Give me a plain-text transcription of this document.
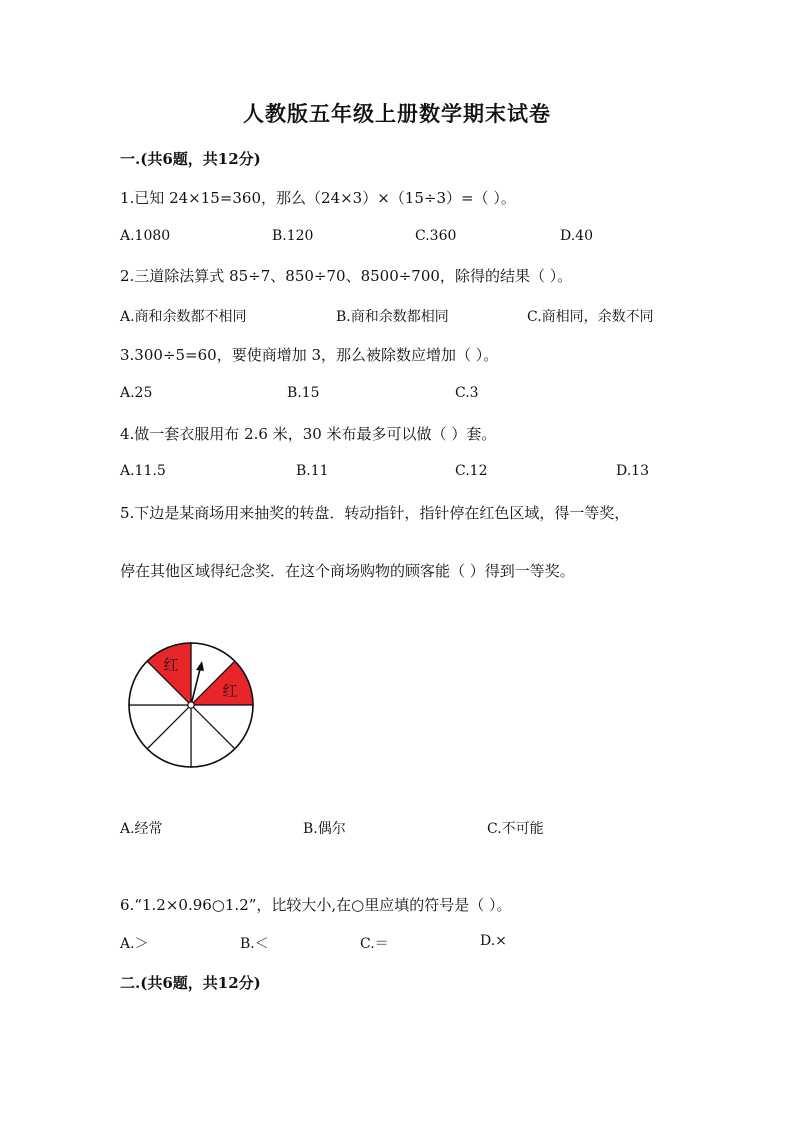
人教版五年级上册数学期末试卷
一.(共6题，共12分)
1.已知 24×15=360，那么（24×3）×（15÷3）=（ ）。
A.1080	B.120	C.360	D.40
2.三道除法算式 85÷7、850÷70、8500÷700，除得的结果（ ）。
A.商和余数都不相同	B.商和余数都相同	C.商相同，余数不同
3.300÷5=60，要使商增加 3，那么被除数应增加（ ）。
A.25	B.15	C.3
4.做一套衣服用布 2.6 米，30 米布最多可以做（ ）套。
A.11.5	B.11	C.12	D.13
5.下边是某商场用来抽奖的转盘．转动指针，指针停在红色区域，得一等奖，
停在其他区域得纪念奖．在这个商场购物的顾客能（ ）得到一等奖。
红
红
A.经常	B.偶尔	C.不可能
6.“1.2×0.96○1.2”，比较大小,在○里应填的符号是（ ）。
A.＞	B.＜	C.＝	D.×
二.(共6题，共12分)
